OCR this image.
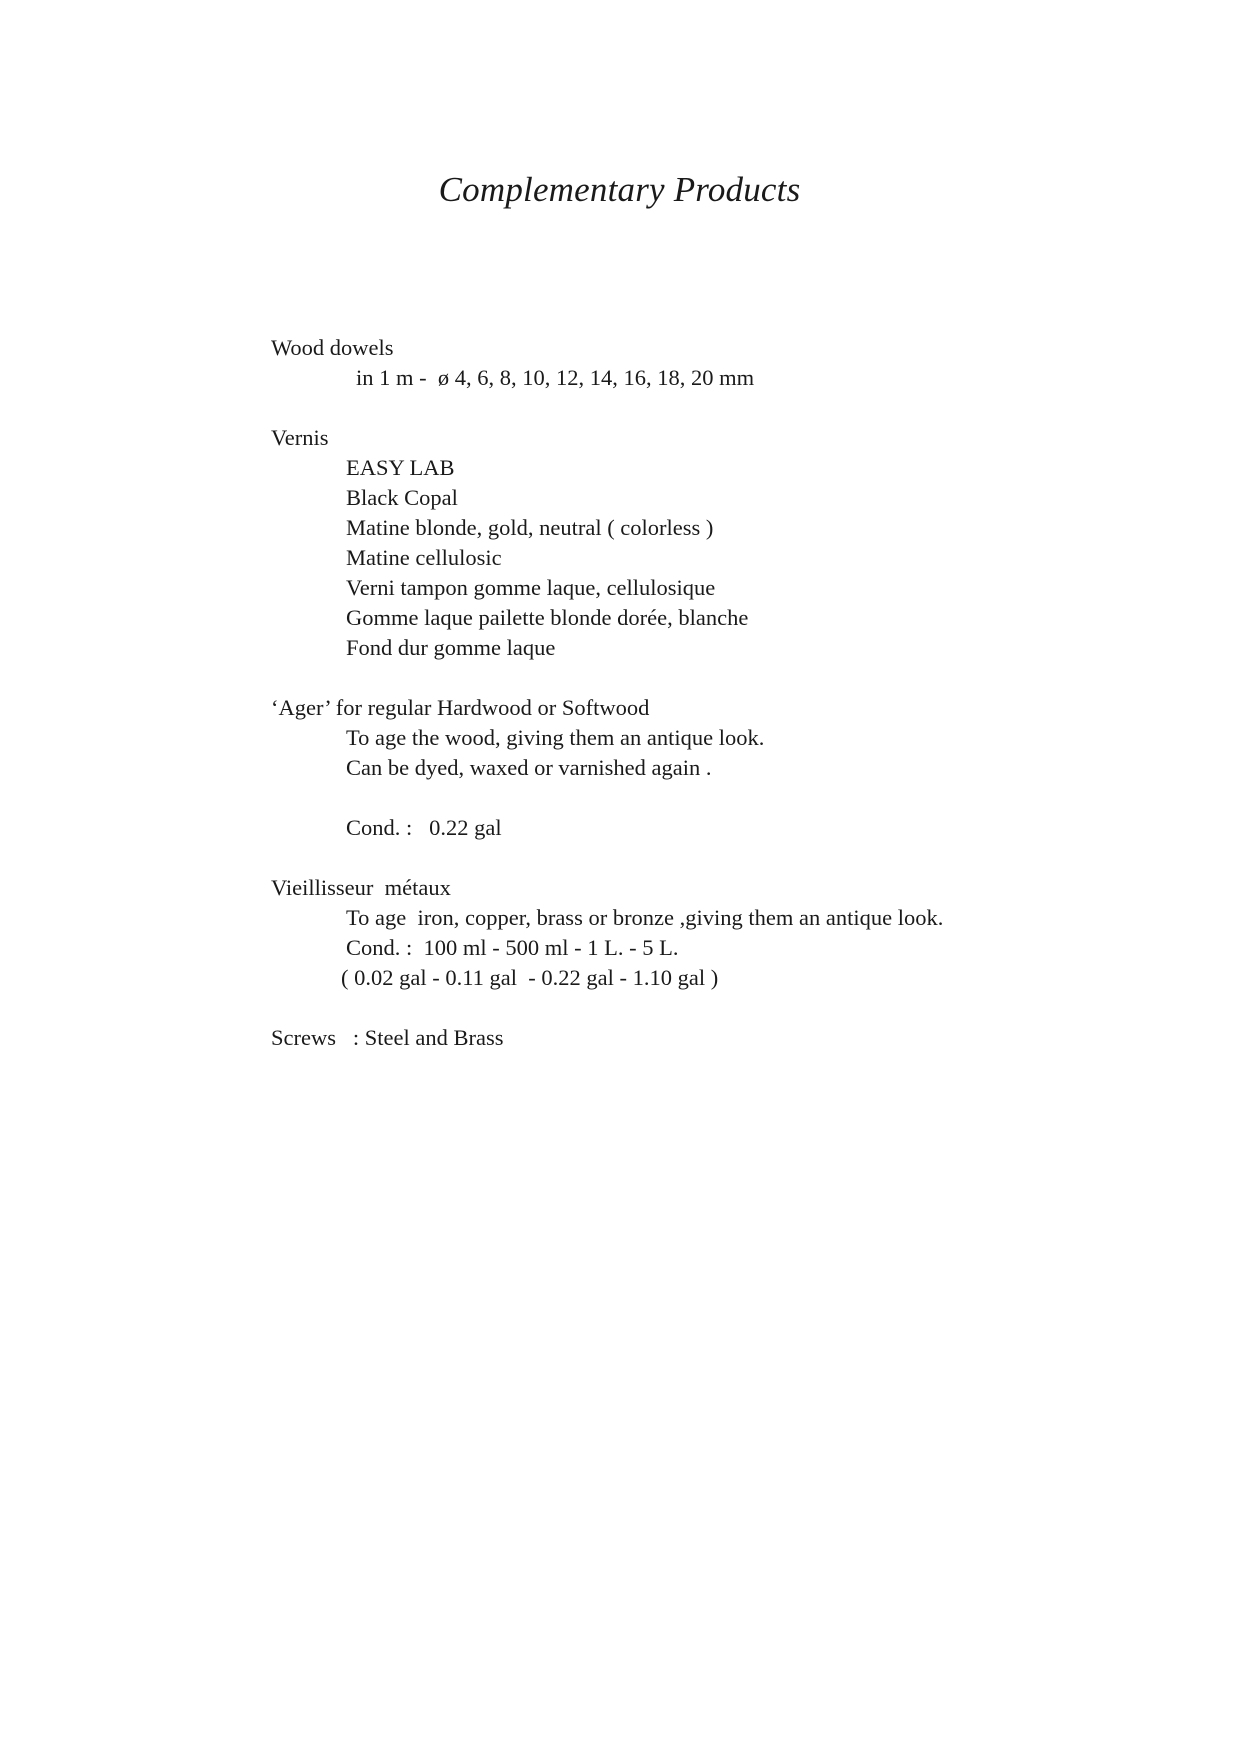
Complementary Products
Wood dowels
in 1 m -  ø 4, 6, 8, 10, 12, 14, 16, 18, 20 mm
Vernis
EASY LAB
Black Copal
Matine blonde, gold, neutral ( colorless )
Matine cellulosic
Verni tampon gomme laque, cellulosique
Gomme laque pailette blonde dorée, blanche
Fond dur gomme laque
‘Ager’ for regular Hardwood or Softwood
To age the wood, giving them an antique look.
Can be dyed, waxed or varnished again .
Cond. :   0.22 gal
Vieillisseur  métaux
To age  iron, copper, brass or bronze ,giving them an antique look.
Cond. :  100 ml - 500 ml - 1 L. - 5 L.
( 0.02 gal - 0.11 gal  - 0.22 gal - 1.10 gal )
Screws   : Steel and Brass
